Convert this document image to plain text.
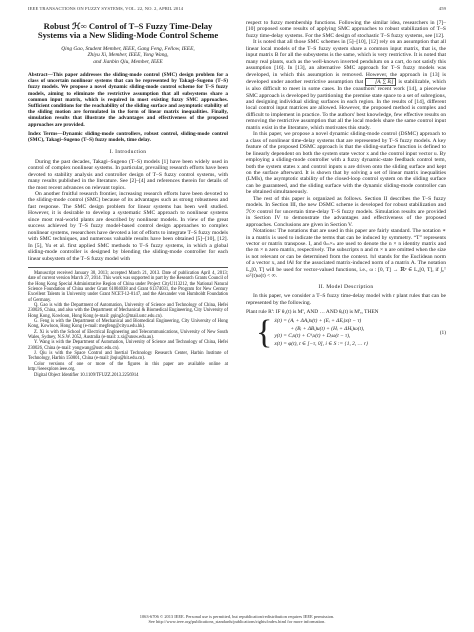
IEEE TRANSACTIONS ON FUZZY SYSTEMS, VOL. 22, NO. 2, APRIL 2014	459
Robust ℋ∞ Control of T–S Fuzzy Time-Delay Systems via a New Sliding-Mode Control Scheme
Qing Gao, Student Member, IEEE, Gang Feng, Fellow, IEEE,
Zhiyu Xi, Member, IEEE, Yong Wang,
and Jianbin Qiu, Member, IEEE
Abstract—This paper addresses the sliding-mode control (SMC) design problem for a class of uncertain nonlinear systems that can be represented by Takagi–Sugeno (T–S) fuzzy models. We propose a novel dynamic sliding-mode control scheme for T–S fuzzy models, aiming to eliminate the restrictive assumption that all subsystems share a common input matrix, which is required in most existing fuzzy SMC approaches. Sufficient conditions for the reachability of the sliding surface and asymptotic stability of the sliding motion are formulated in the form of linear matrix inequalities. Finally, simulation results that illustrate the advantages and effectiveness of the proposed approaches are provided.
Index Terms—Dynamic sliding-mode controllers, robust control, sliding-mode control (SMC), Takagi–Sugeno (T–S) fuzzy models, time delay.
I. Introduction

During the past decades, Takagi–Sugeno (T–S) models [1] have been widely used in control of complex nonlinear systems. In particular, prevailing research efforts have been devoted to stability analysis and controller design of T–S fuzzy control systems, with many results published in the literature. See [2]–[4] and references therein for details of the most recent advances on relevant topics.

On another fruitful research frontier, increasing research efforts have been devoted to the sliding-mode control (SMC) because of its advantages such as strong robustness and fast response. The SMC design problem for linear systems has been well studied. However, it is desirable to develop a systematic SMC approach to nonlinear systems since most real-world plants are described by nonlinear models. In view of the great success achieved by T–S fuzzy model-based control design approaches to complex nonlinear systems, researchers have devoted a lot of efforts to integrate T–S fuzzy models with SMC techniques, and numerous valuable results have been obtained [5]–[10], [12]. In [5], Yu et al. first applied SMC methods to T–S fuzzy systems, in which a global sliding-mode controller is designed by blending the sliding-mode controller for each linear subsystem of the T–S fuzzy model with

Manuscript received January 30, 2013; accepted March 21, 2013. Date of publication April 4, 2013; date of current version March 27, 2014. This work was supported in part by the Research Grants Council of the Hong Kong Special Administrative Region of China under Project CityU113212, the National Natural Science Foundation of China under Grant 61004038 and Grant 61374031, the Program for New Century Excellent Talents in University under Grant NCET-12-0147, and the Alexander von Humboldt Foundation of Germany.

Q. Gao is with the Department of Automation, University of Science and Technology of China, Hefei 230026, China, and also with the Department of Mechanical & Biomedical Engineering, City University of Hong Kong, Kowloon, Hong Kong (e-mail: gqing2c@mail.ustc.edu.cn).

G. Feng is with the Department of Mechanical and Biomedical Engineering, City University of Hong Kong, Kowloon, Hong Kong (e-mail: megfeng@cityu.edu.hk).

Z. Xi is with the School of Electrical Engineering and Telecommunications, University of New South Wales, Sydney, N.S.W. 2052, Australia (e-mail: z.xi@unsw.edu.au).

Y. Wang is with the Department of Automation, University of Science and Technology of China, Hefei 230026, China (e-mail: yongwang@ustc.edu.cn).

J. Qiu is with the Space Control and Inertial Technology Research Center, Harbin Institute of Technology, Harbin 150001, China (e-mail: jbqiu@hit.edu.cn).

Color versions of one or more of the figures in this paper are available online at http://ieeexplore.ieee.org.

Digital Object Identifier 10.1109/TFUZZ.2013.2256914

respect to fuzzy membership functions. Following the similar idea, researchers in [7]–[10] proposed some results of applying SMC approaches to robust stabilization of T–S fuzzy time-delay systems. For the SMC design of stochastic T–S fuzzy systems, see [12].

It is noted that all those SMC schemes in [5]–[10], [12] rely on an assumption that all linear local models of the T–S fuzzy system share a common input matrix, that is, the input matrix B for all the subsystems is the same, which is very restrictive. It is noted that many real plants, such as the well-known inverted pendulum on a cart, do not satisfy this assumption [16]. In [13], an alternative SMC approach for T–S fuzzy models was developed, in which this assumption is removed. However, the approach in [13] is developed under another restrictive assumption that [Aᵢ ∑ Bᵢ] is stabilizable, which is also difficult to meet in some cases. In the coauthors' recent work [14], a piecewise SMC approach is developed by partitioning the premise state space to a set of subregions, and designing individual sliding surfaces in each region. In the results of [14], different local control input matrices are allowed. However, the proposed method is complex and difficult to implement in practice. To the authors' best knowledge, few effective results on removing the restrictive assumption that all the local models share the same control input matrix exist in the literature, which motivates this study.

In this paper, we propose a novel dynamic sliding-mode control (DSMC) approach to a class of nonlinear time-delay systems that are represented by T–S fuzzy models. A key feature of the proposed DSMC approach is that the sliding-surface function is defined to be linearly dependent on both the system state vector x and the control input vector u. By employing a sliding-mode controller with a fuzzy dynamic-state feedback control term, both the system states x and control inputs u are driven onto the sliding surface and kept on the surface afterward. It is shown that by solving a set of linear matrix inequalities (LMIs), the asymptotic stability of the closed-loop control system on the sliding surface can be guaranteed, and the sliding surface with the dynamic sliding-mode controller can be obtained simultaneously.

The rest of this paper is organized as follows. Section II describes the T–S fuzzy models. In Section III, the new DSMC scheme is developed for robust stabilization and ℋ∞ control for uncertain time-delay T–S fuzzy models. Simulation results are provided in Section IV to demonstrate the advantages and effectiveness of the proposed approaches. Conclusions are given in Section V.

Notations: The notations that are used in this paper are fairly standard. The notation ∗ in a matrix is used to indicate the terms that can be induced by symmetry. “T” represents vector or matrix transpose. I, and 0ₘ×ₙ are used to denote the n × n identity matrix and the m × n zero matrix, respectively. The subscripts n and m × n are omitted when the size is not relevant or can be determined from the context. ‖x‖ stands for the Euclidean norm of a vector x, and ‖A‖ for the associated matrix-induced norm of a matrix A. The notation L₂[0, T] will be used for vector-valued functions, i.e., ω : [0, T] → ℝᵖ ∈ L₂[0, T], if ∫₀ᵀ ωᵀ(t)ω(t) < ∞.

II. Model Description

In this paper, we consider a T–S fuzzy time-delay model with r plant rules that can be represented by the following.

Plant rule Rⁱ: IF θ₁(t) is Mⁱ₁ AND … AND θₑ(t) is Mⁱₑ, THEN
{ ẋ(t) = (Aᵢ + ΔAᵢ)x(t) + (Eᵢ + ΔEᵢ)x(t − τ)
+ (Bᵢ + ΔBᵢ)u(t) + (Hᵢ + ΔHᵢ)ω(t),
y(t) = Cᵢx(t) + Cᵈᵢx(t) + Dᵢω(t − τ),
x(t) = φ(t), t ∈ [−τ, 0], i ∈ S := {1, 2, … r}
(1)
1063-6706 © 2013 IEEE. Personal use is permitted, but republication/redistribution requires IEEE permission.
See http://www.ieee.org/publications_standards/publications/rights/index.html for more information.
